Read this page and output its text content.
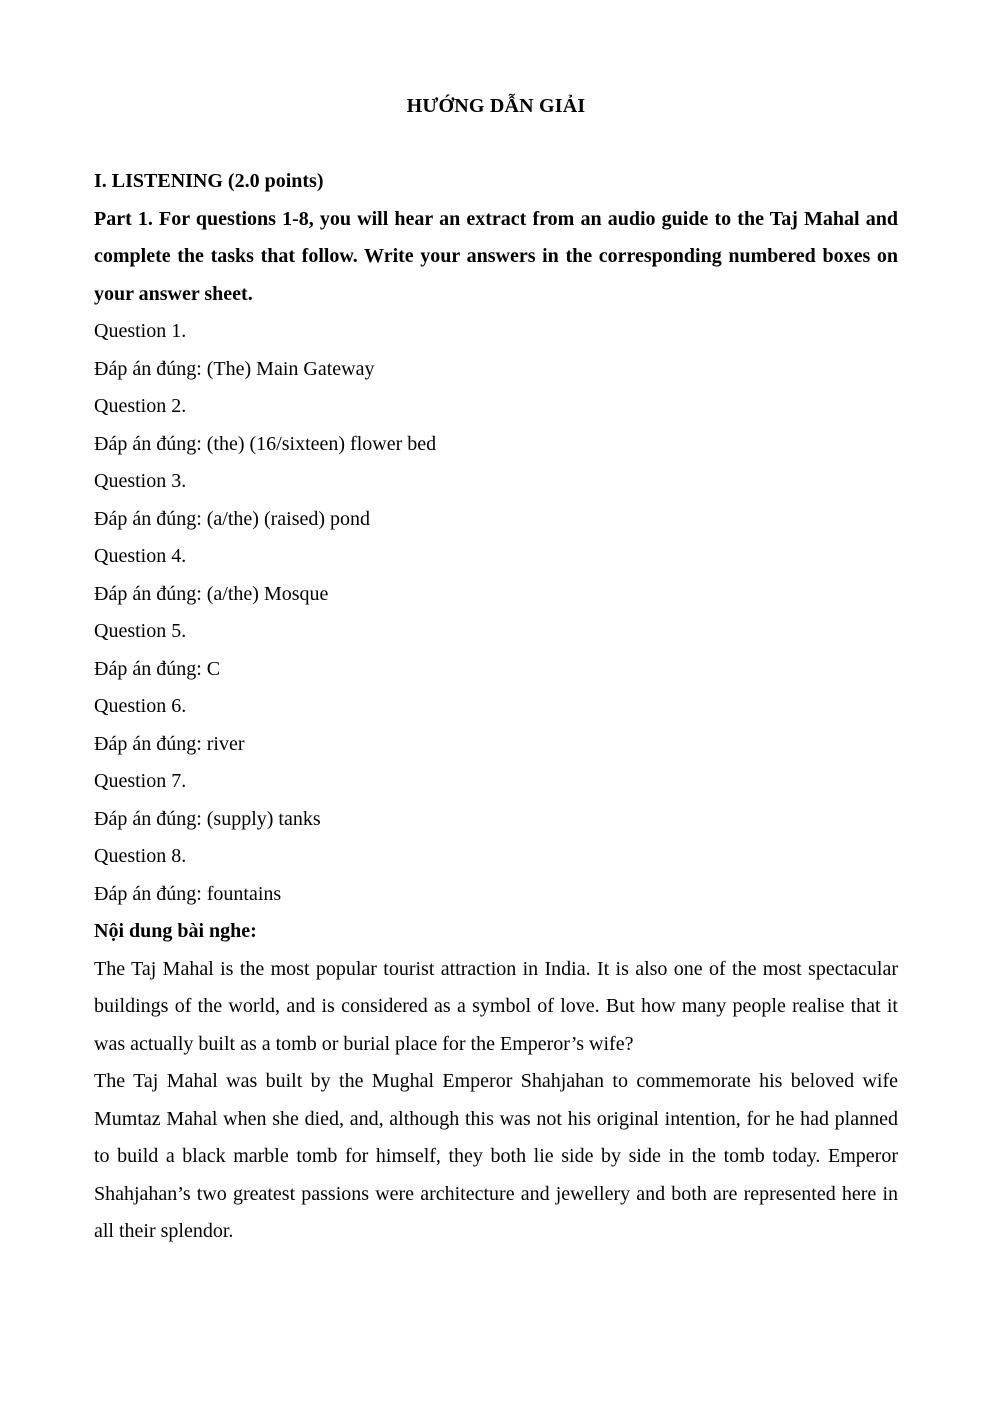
HƯỚNG DẪN GIẢI
I. LISTENING (2.0 points)

Part 1. For questions 1-8, you will hear an extract from an audio guide to the Taj Mahal and complete the tasks that follow. Write your answers in the corresponding numbered boxes on your answer sheet.

Question 1.

Đáp án đúng: (The) Main Gateway

Question 2.

Đáp án đúng: (the) (16/sixteen) flower bed

Question 3.

Đáp án đúng: (a/the) (raised) pond

Question 4.

Đáp án đúng: (a/the) Mosque

Question 5.

Đáp án đúng: C

Question 6.

Đáp án đúng: river

Question 7.

Đáp án đúng: (supply) tanks

Question 8.

Đáp án đúng: fountains

Nội dung bài nghe:

The Taj Mahal is the most popular tourist attraction in India. It is also one of the most spectacular buildings of the world, and is considered as a symbol of love. But how many people realise that it was actually built as a tomb or burial place for the Emperor’s wife?

The Taj Mahal was built by the Mughal Emperor Shahjahan to commemorate his beloved wife Mumtaz Mahal when she died, and, although this was not his original intention, for he had planned to build a black marble tomb for himself, they both lie side by side in the tomb today. Emperor Shahjahan’s two greatest passions were architecture and jewellery and both are represented here in all their splendor.
